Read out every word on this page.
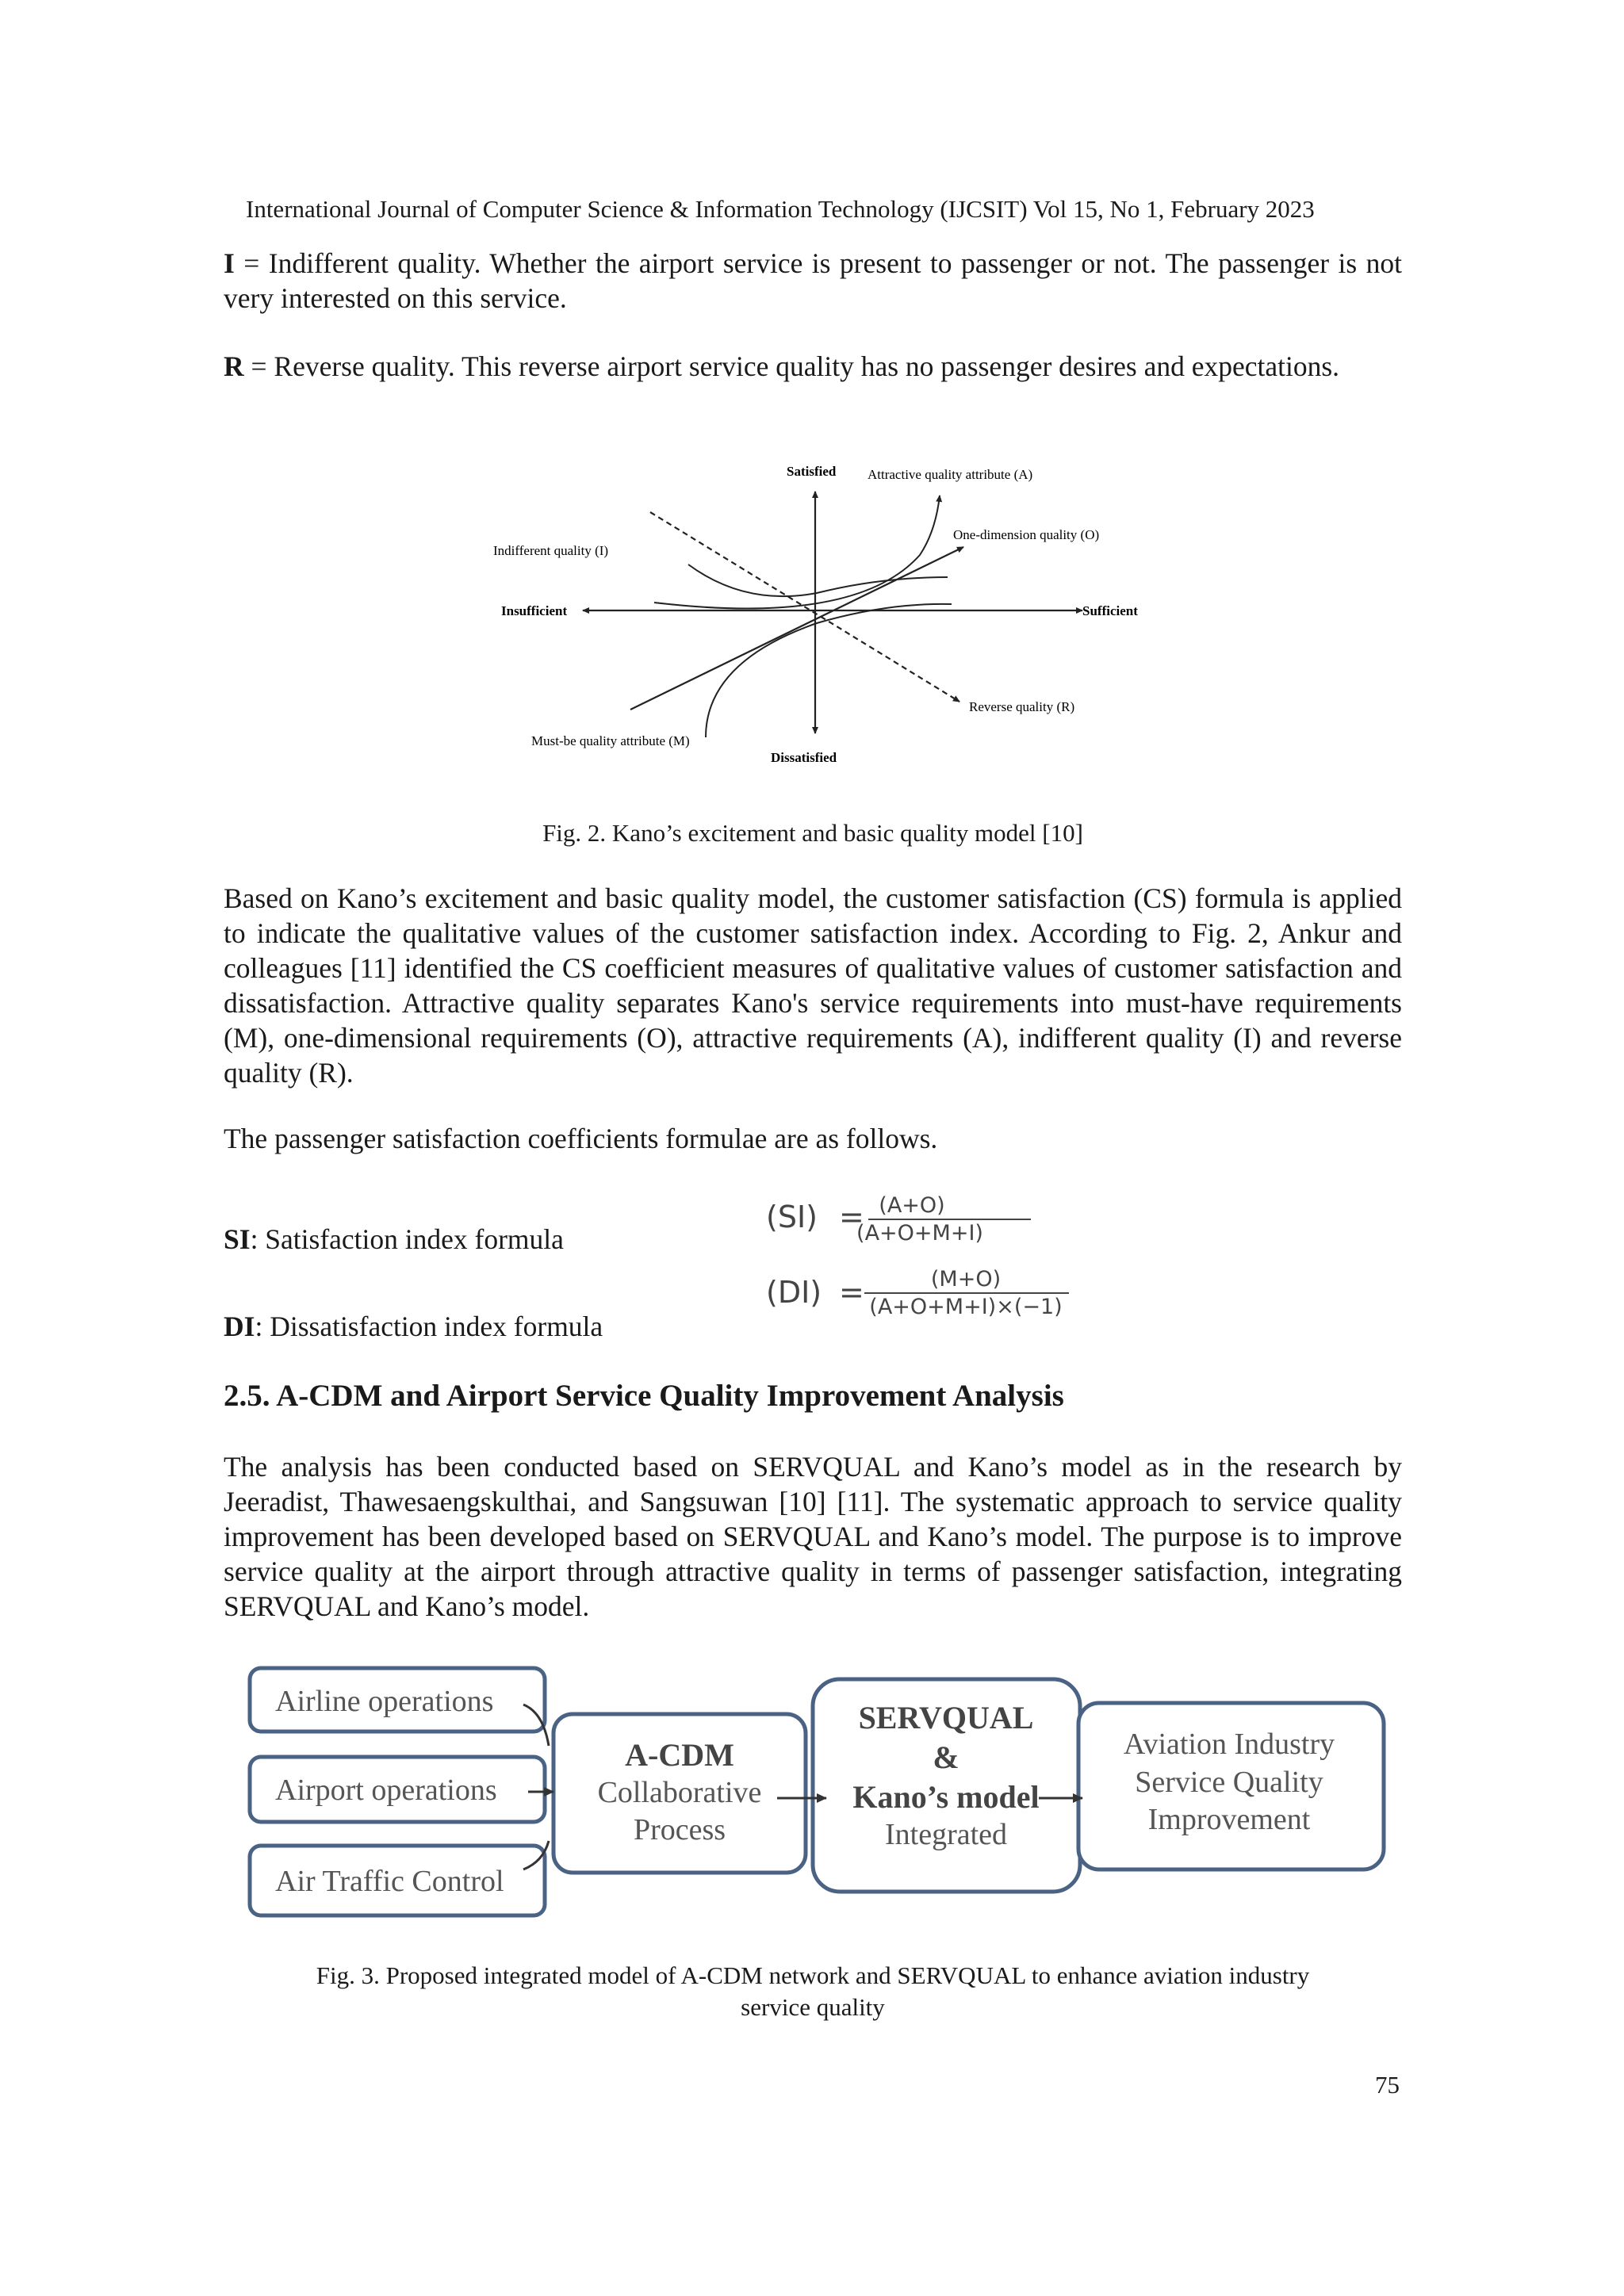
International Journal of Computer Science & Information Technology (IJCSIT) Vol 15, No 1, February 2023
I = Indifferent quality. Whether the airport service is present to passenger or not. The passenger is not very interested on this service.
R = Reverse quality. This reverse airport service quality has no passenger desires and expectations.
Satisfied Attractive quality attribute (A)
One-dimension quality (O)
Indifferent quality (I)
Insufficient	Sufficient
Reverse quality (R)
Must-be quality attribute (M)
Dissatisfied
Fig. 2. Kano’s excitement and basic quality model [10]
Based on Kano’s excitement and basic quality model, the customer satisfaction (CS) formula is applied to indicate the qualitative values of the customer satisfaction index. According to Fig. 2, Ankur and colleagues [11] identified the CS coefficient measures of qualitative values of customer satisfaction and dissatisfaction. Attractive quality separates Kano's service requirements into must-have requirements (M), one-dimensional requirements (O), attractive requirements (A), indifferent quality (I) and reverse quality (R).
The passenger satisfaction coefficients formulae are as follows.
SI: Satisfaction index formula
DI: Dissatisfaction index formula
(SI) = (A+O)
(A+O+M+I)
(DI) =	(M+O)
(A+O+M+I)×(−1)
2.5. A-CDM and Airport Service Quality Improvement Analysis
The analysis has been conducted based on SERVQUAL and Kano’s model as in the research by Jeeradist, Thawesaengskulthai, and Sangsuwan [10] [11]. The systematic approach to service quality improvement has been developed based on SERVQUAL and Kano’s model. The purpose is to improve service quality at the airport through attractive quality in terms of passenger satisfaction, integrating SERVQUAL and Kano’s model.
Airline operations
Airport operations
Air Traffic Control
A-CDM
Collaborative
Process
SERVQUAL
&
Kano’s model
Integrated
Aviation Industry
Service Quality
Improvement
Fig. 3. Proposed integrated model of A-CDM network and SERVQUAL to enhance aviation industry
service quality
75
